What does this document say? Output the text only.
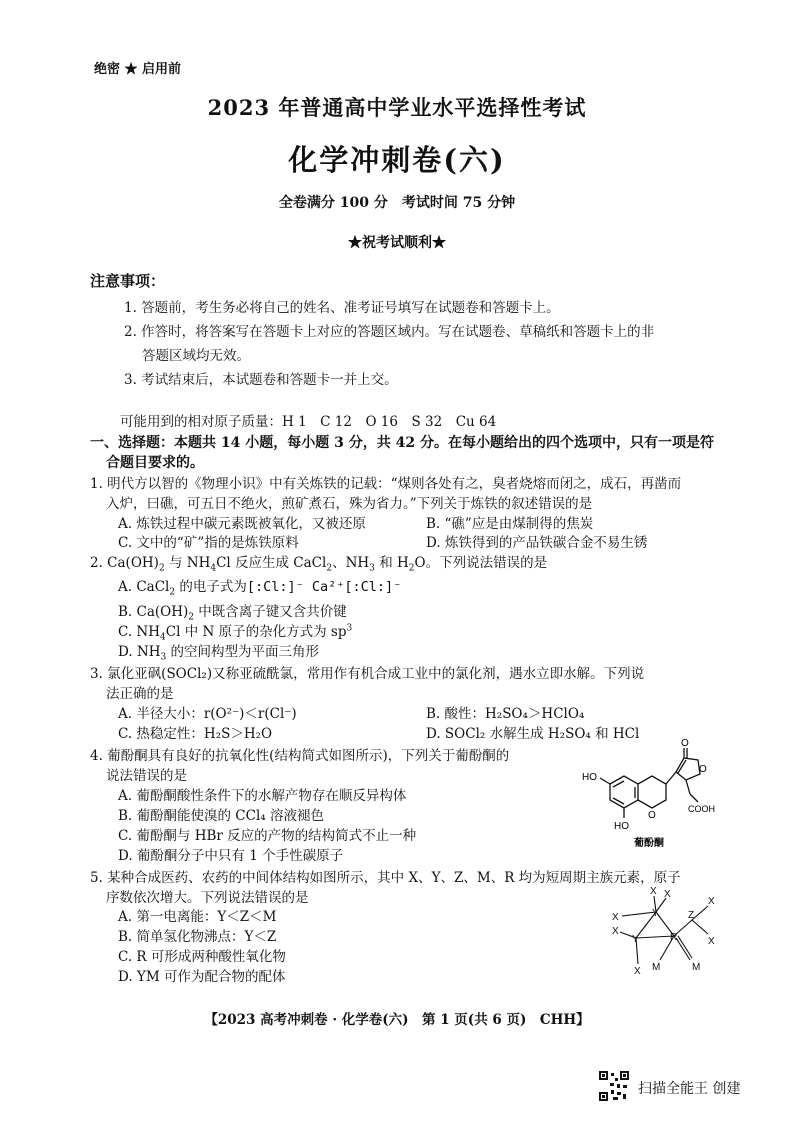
绝密 ★ 启用前
2023 年普通高中学业水平选择性考试
化学冲刺卷(六)
全卷满分 100 分　考试时间 75 分钟
★祝考试顺利★
注意事项：
1. 答题前，考生务必将自己的姓名、准考证号填写在试题卷和答题卡上。
2. 作答时，将答案写在答题卡上对应的答题区域内。写在试题卷、草稿纸和答题卡上的非
答题区域均无效。
3. 考试结束后，本试题卷和答题卡一并上交。
可能用到的相对原子质量：H 1　C 12　O 16　S 32　Cu 64
一、选择题：本题共 14 小题，每小题 3 分，共 42 分。在每小题给出的四个选项中，只有一项是符
合题目要求的。
1. 明代方以智的《物理小识》中有关炼铁的记载：“煤则各处有之，臭者烧熔而闭之，成石，再凿而
入炉，曰礁，可五日不绝火，煎矿煮石，殊为省力。”下列关于炼铁的叙述错误的是
A. 炼铁过程中碳元素既被氧化，又被还原	B. “礁”应是由煤制得的焦炭
C. 文中的“矿”指的是炼铁原料	D. 炼铁得到的产品铁碳合金不易生锈
2. $Ca(OH)_2$ 与 $NH_4Cl$ 反应生成 CaCl$_2$、$NH_3$ 和 $H_2O$。下列说法错误的是
A. CaCl$_2$ 的电子式为[:Cl:]⁻ Ca²⁺[:Cl:]⁻
B. $Ca(OH)_2$ 中既含离子键又含共价键
C. $NH_4Cl$ 中 N 原子的杂化方式为 $sp^3$
D. $NH_3$ 的空间构型为平面三角形
3. 氯化亚砜(SOCl₂)又称亚硫酰氯，常用作有机合成工业中的氯化剂，遇水立即水解。下列说
法正确的是
A. 半径大小：r(O²⁻)＜r(Cl⁻)	B. 酸性：H₂SO₄＞HClO₄
C. 热稳定性：H₂S＞H₂O	D. SOCl₂ 水解生成 H₂SO₄ 和 HCl
4. 葡酚酮具有良好的抗氧化性(结构简式如图所示)，下列关于葡酚酮的
说法错误的是
A. 葡酚酮酸性条件下的水解产物存在顺反异构体
B. 葡酚酮能使溴的 CCl₄ 溶液褪色
C. 葡酚酮与 HBr 反应的产物的结构简式不止一种
D. 葡酚酮分子中只有 1 个手性碳原子
HO
HO
O
O
O
COOH
葡酚酮
5. 某种合成医药、农药的中间体结构如图所示，其中 X、Y、Z、M、R 均为短周期主族元素，原子
序数依次增大。下列说法错误的是
A. 第一电离能：Y＜Z＜M
B. 简单氢化物沸点：Y＜Z
C. R 可形成两种酸性氧化物
D. YM 可作为配合物的配体
X X
X
X	Y	Z
X
X
Y	R
X M	M
【2023 高考冲刺卷 · 化学卷(六)　第 1 页(共 6 页)　CHH】
扫描全能王 创建
